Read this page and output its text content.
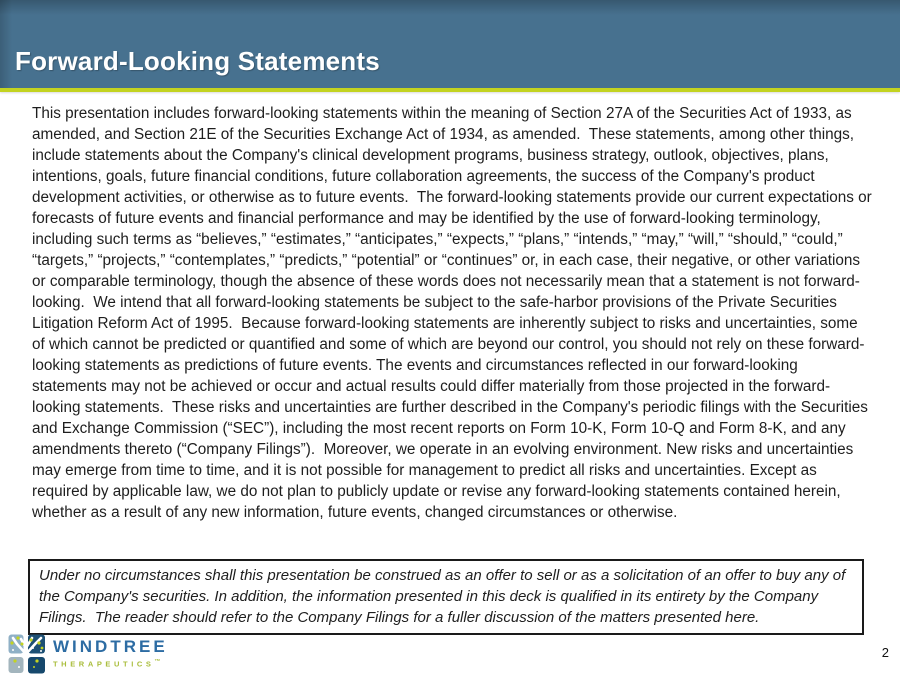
Forward-Looking Statements
This presentation includes forward-looking statements within the meaning of Section 27A of the Securities Act of 1933, as amended, and Section 21E of the Securities Exchange Act of 1934, as amended.  These statements, among other things, include statements about the Company's clinical development programs, business strategy, outlook, objectives, plans, intentions, goals, future financial conditions, future collaboration agreements, the success of the Company's product development activities, or otherwise as to future events.  The forward-looking statements provide our current expectations or forecasts of future events and financial performance and may be identified by the use of forward-looking terminology, including such terms as “believes,” “estimates,” “anticipates,” “expects,” “plans,” “intends,” “may,” “will,” “should,” “could,” “targets,” “projects,” “contemplates,” “predicts,” “potential” or “continues” or, in each case, their negative, or other variations or comparable terminology, though the absence of these words does not necessarily mean that a statement is not forward-looking.  We intend that all forward-looking statements be subject to the safe-harbor provisions of the Private Securities Litigation Reform Act of 1995.  Because forward-looking statements are inherently subject to risks and uncertainties, some of which cannot be predicted or quantified and some of which are beyond our control, you should not rely on these forward-looking statements as predictions of future events. The events and circumstances reflected in our forward-looking statements may not be achieved or occur and actual results could differ materially from those projected in the forward-looking statements.  These risks and uncertainties are further described in the Company's periodic filings with the Securities and Exchange Commission (“SEC”), including the most recent reports on Form 10-K, Form 10-Q and Form 8-K, and any amendments thereto (“Company Filings”).  Moreover, we operate in an evolving environment. New risks and uncertainties may emerge from time to time, and it is not possible for management to predict all risks and uncertainties. Except as required by applicable law, we do not plan to publicly update or revise any forward-looking statements contained herein, whether as a result of any new information, future events, changed circumstances or otherwise.
Under no circumstances shall this presentation be construed as an offer to sell or as a solicitation of an offer to buy any of the Company's securities. In addition, the information presented in this deck is qualified in its entirety by the Company Filings.  The reader should refer to the Company Filings for a fuller discussion of the matters presented here.
WINDTREE
THERAPEUTICS™
2
